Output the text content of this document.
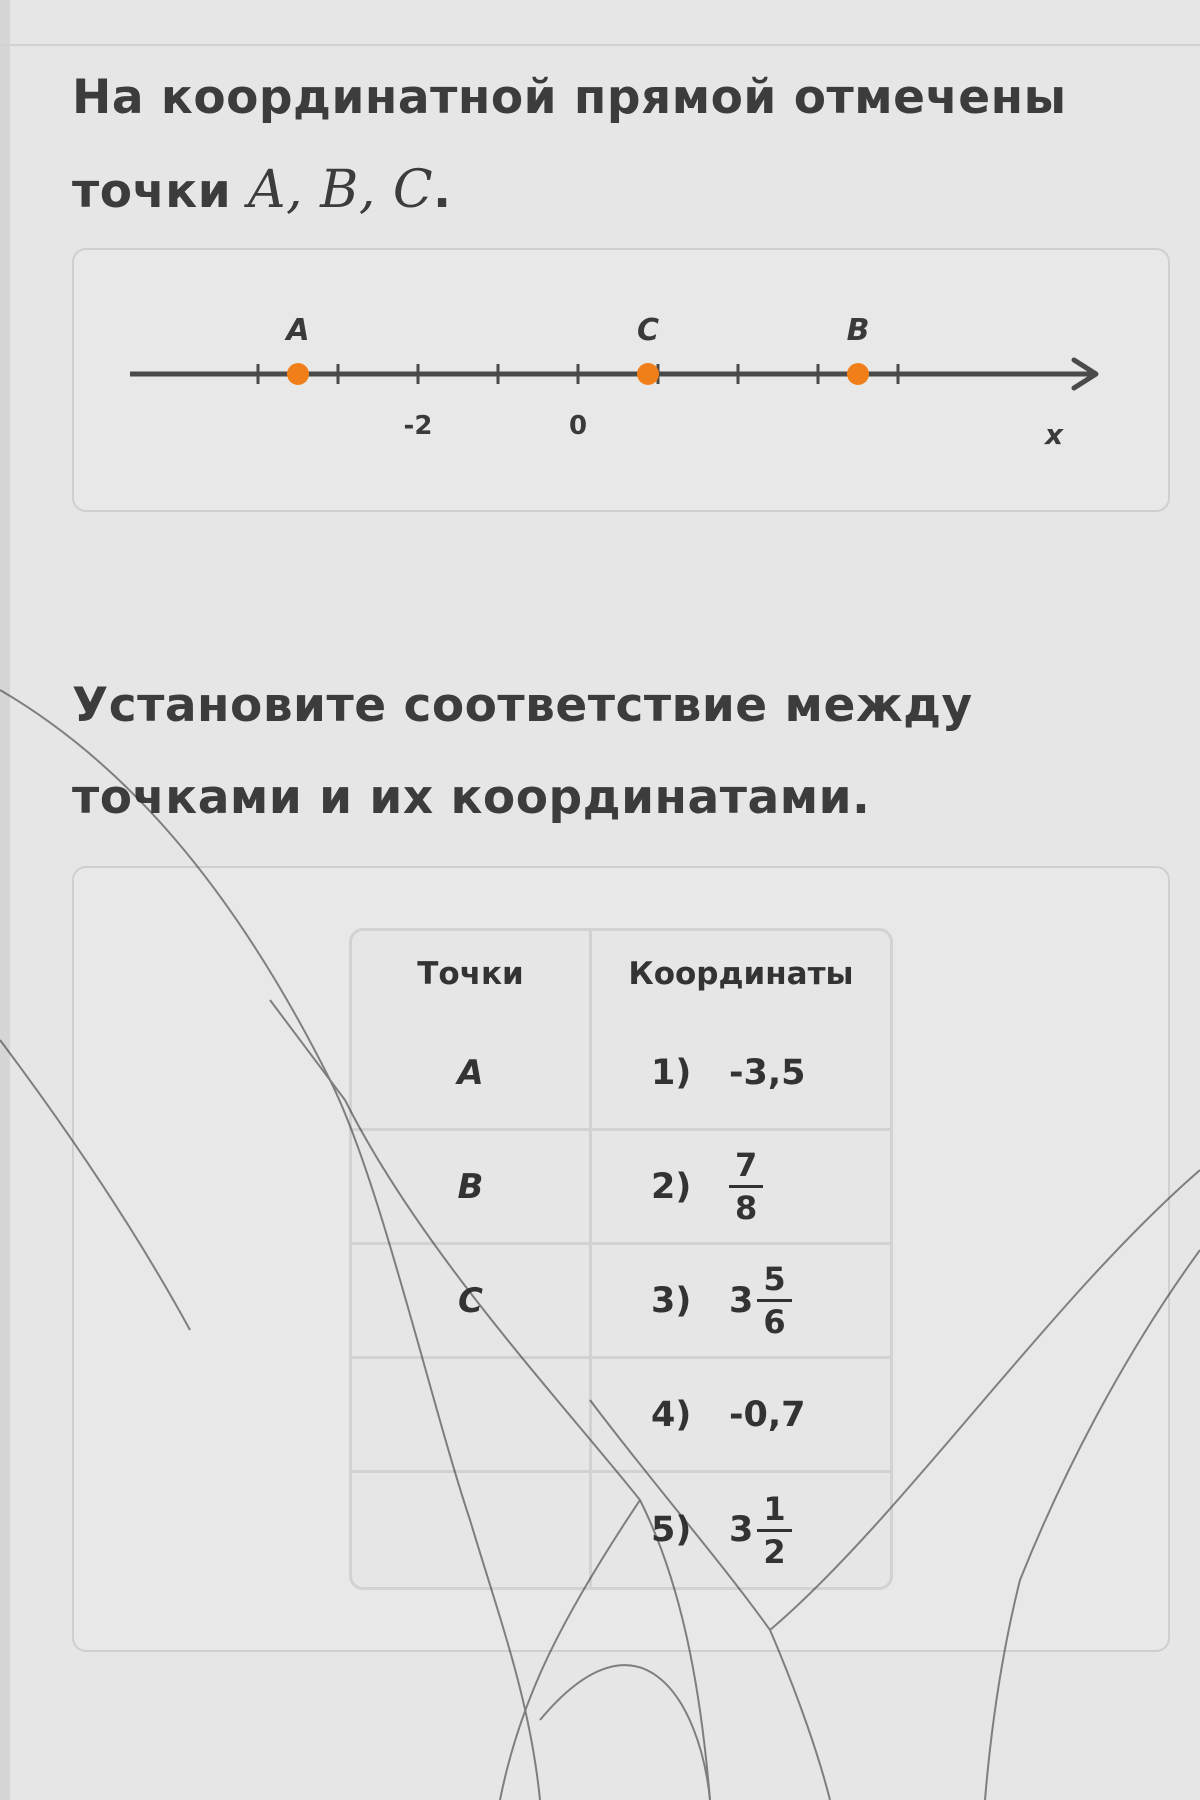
На координатной прямой отмечены точки A, B, C.
-2	0	x
A	C	B
Установите соответствие между точками и их координатами.
Точки	Координаты
A	1) -3,5

B	$2) \frac{7}{8}$

C	3) $3 \frac{5}{6}$

	4) -0,7

	5) $3 \frac{1}{2}$
